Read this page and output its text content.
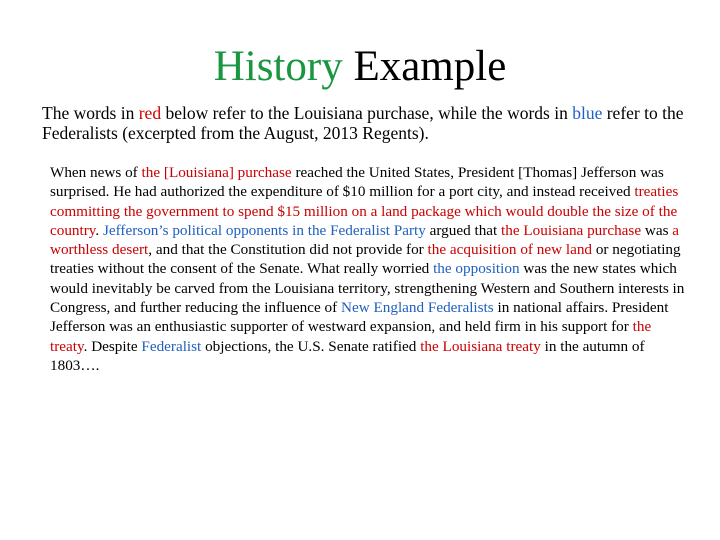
History Example
The words in red below refer to the Louisiana purchase, while the words in blue refer to the Federalists (excerpted from the August, 2013 Regents).
When news of the [Louisiana] purchase reached the United States, President [Thomas] Jefferson was surprised. He had authorized the expenditure of $10 million for a port city, and instead received treaties committing the government to spend $15 million on a land package which would double the size of the country. Jefferson’s political opponents in the Federalist Party argued that the Louisiana purchase was a worthless desert, and that the Constitution did not provide for the acquisition of new land or negotiating treaties without the consent of the Senate. What really worried the opposition was the new states which would inevitably be carved from the Louisiana territory, strengthening Western and Southern interests in Congress, and further reducing the influence of New England Federalists in national affairs. President Jefferson was an enthusiastic supporter of westward expansion, and held firm in his support for the treaty. Despite Federalist objections, the U.S. Senate ratified the Louisiana treaty in the autumn of 1803….
